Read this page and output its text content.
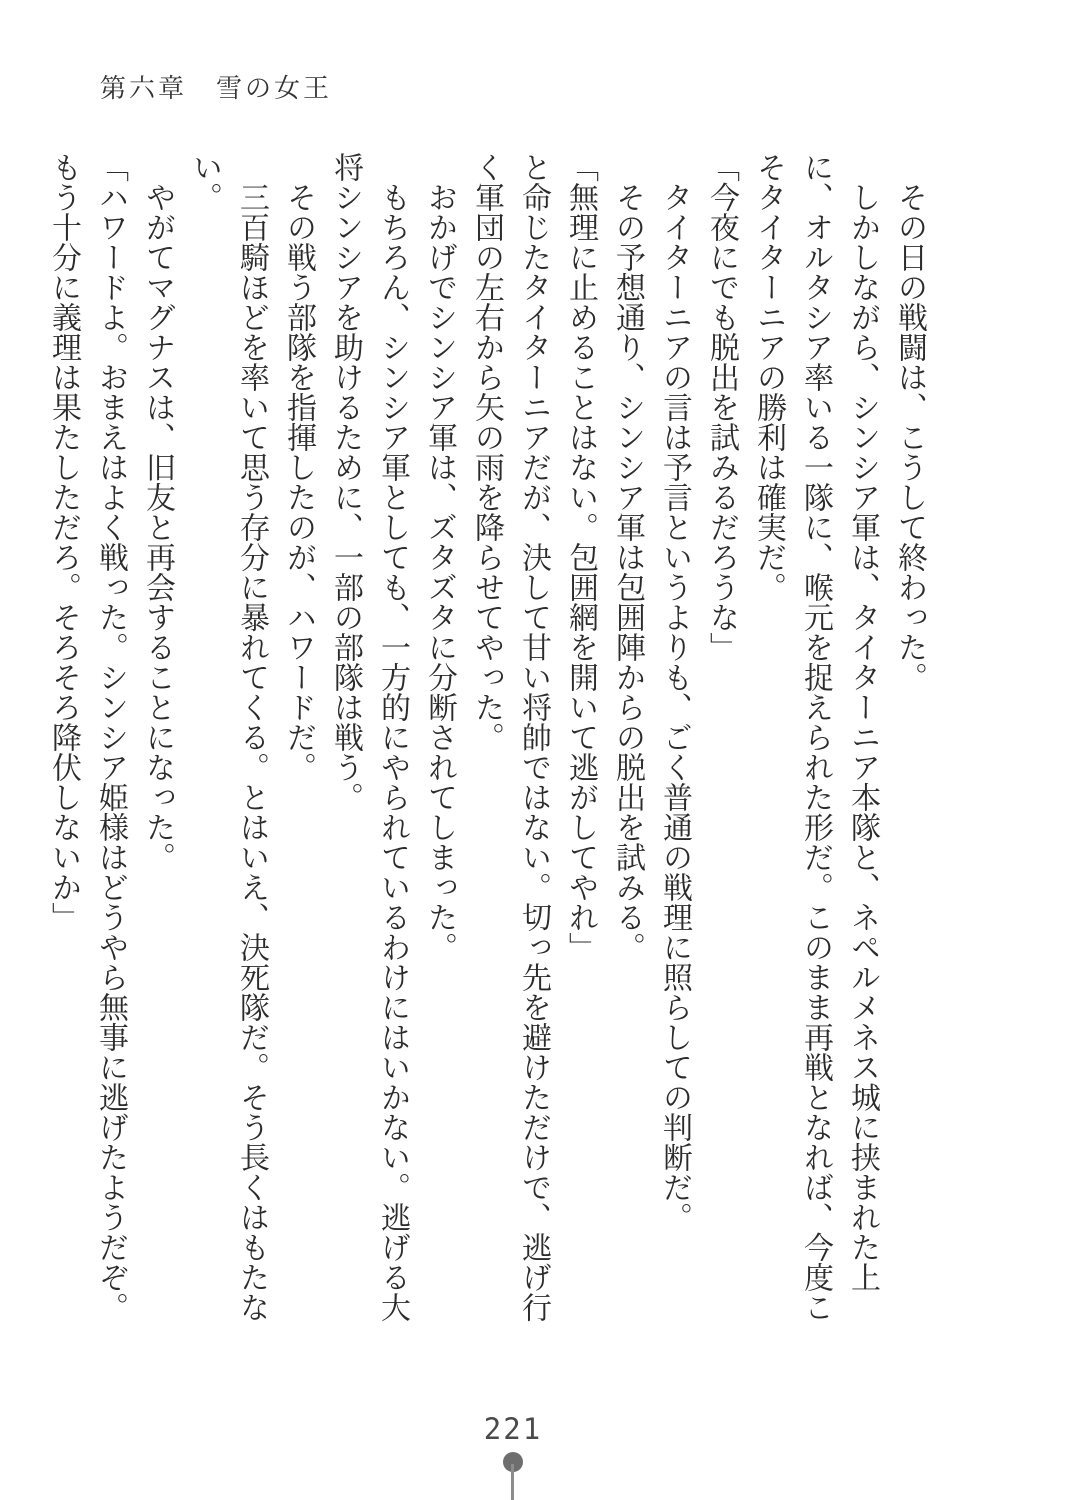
第六章　雪の女王

その日の戦闘は、こうして終わった。

しかしながら、シンシア軍は、タイターニア本隊と、ネペルメネス城に挟まれた上に、オルタシア率いる一隊に、喉元を捉えられた形だ。このまま再戦となれば、今度こそタイターニアの勝利は確実だ。

「今夜にでも脱出を試みるだろうな」

タイターニアの言は予言というよりも、ごく普通の戦理に照らしての判断だ。

その予想通り、シンシア軍は包囲陣からの脱出を試みる。

「無理に止めることはない。包囲網を開いて逃がしてやれ」

と命じたタイターニアだが、決して甘い将帥ではない。切っ先を避けただけで、逃げ行く軍団の左右から矢の雨を降らせてやった。

おかげでシンシア軍は、ズタズタに分断されてしまった。

もちろん、シンシア軍としても、一方的にやられているわけにはいかない。逃げる大将シンシアを助けるために、一部の部隊は戦う。

その戦う部隊を指揮したのが、ハワードだ。

三百騎ほどを率いて思う存分に暴れてくる。とはいえ、決死隊だ。そう長くはもたない。

やがてマグナスは、旧友と再会することになった。

「ハワードよ。おまえはよく戦った。シンシア姫様はどうやら無事に逃げたようだぞ。もう十分に義理は果たしただろ。そろそろ降伏しないか」

221
